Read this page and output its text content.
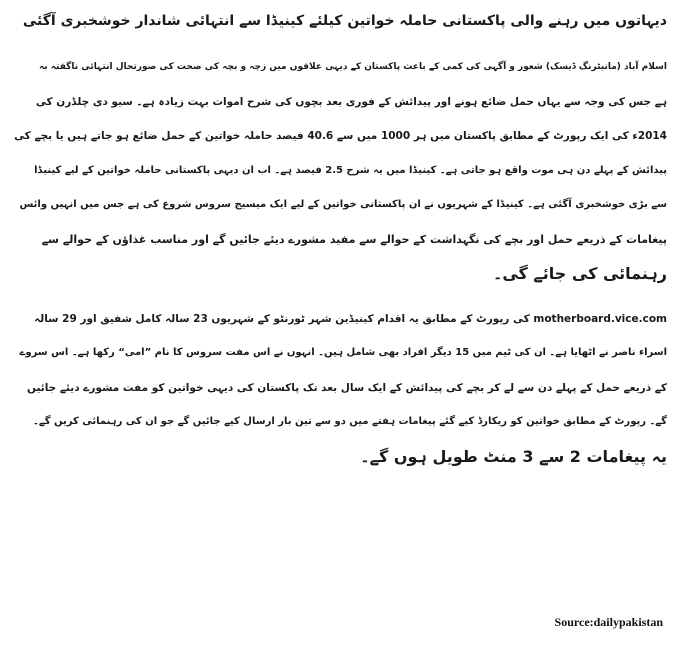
دیہاتوں میں رہنے والی پاکستانی حاملہ خواتین کیلئے کینیڈا سے انتہائی شاندار خوشخبری آگئی

اسلام آباد (مانیٹرنگ ڈیسک) شعور و آگہی کی کمی کے باعث پاکستان کے دیہی علاقوں میں زچہ و بچہ کی صحت کی صورتحال انتہائی ناگفتہ بہ
ہے جس کی وجہ سے یہاں حمل ضائع ہونے اور پیدائش کے فوری بعد بچوں کی شرح اموات بہت زیادہ ہے۔ سیو دی چلڈرن کی
2014ء کی ایک رپورٹ کے مطابق پاکستان میں ہر 1000 میں سے 40.6 فیصد حاملہ خواتین کے حمل ضائع ہو جاتے ہیں یا بچے کی
پیدائش کے پہلے دن ہی موت واقع ہو جاتی ہے۔ کینیڈا میں یہ شرح 2.5 فیصد ہے۔ اب ان دیہی پاکستانی حاملہ خواتین کے لیے کینیڈا
سے بڑی خوشخبری آگئی ہے۔ کینیڈا کے شہریوں نے ان پاکستانی خواتین کے لیے ایک میسیج سروس شروع کی ہے جس میں انہیں وائس
پیغامات کے ذریعے حمل اور بچے کی نگہداشت کے حوالے سے مفید مشورے دیئے جائیں گے اور مناسب غذاؤں کے حوالے سے
رہنمائی کی جائے گی۔

motherboard.vice.com کی رپورٹ کے مطابق یہ اقدام کینیڈین شہر ٹورنٹو کے شہریوں 23 سالہ کامل شفیق اور 29 سالہ
اسراء ناصر نے اٹھایا ہے۔ ان کی ٹیم میں 15 دیگر افراد بھی شامل ہیں۔ انہوں نے اس مفت سروس کا نام ”امی“ رکھا ہے۔ اس سروے
کے ذریعے حمل کے پہلے دن سے لے کر بچے کی پیدائش کے ایک سال بعد تک پاکستان کی دیہی خواتین کو مفت مشورے دیئے جائیں
گے۔ رپورٹ کے مطابق خواتین کو ریکارڈ کیے گئے پیغامات ہفتے میں دو سے تین بار ارسال کیے جائیں گے جو ان کی رہنمائی کریں گے۔
یہ پیغامات 2 سے 3 منٹ طویل ہوں گے۔

Source:dailypakistan
